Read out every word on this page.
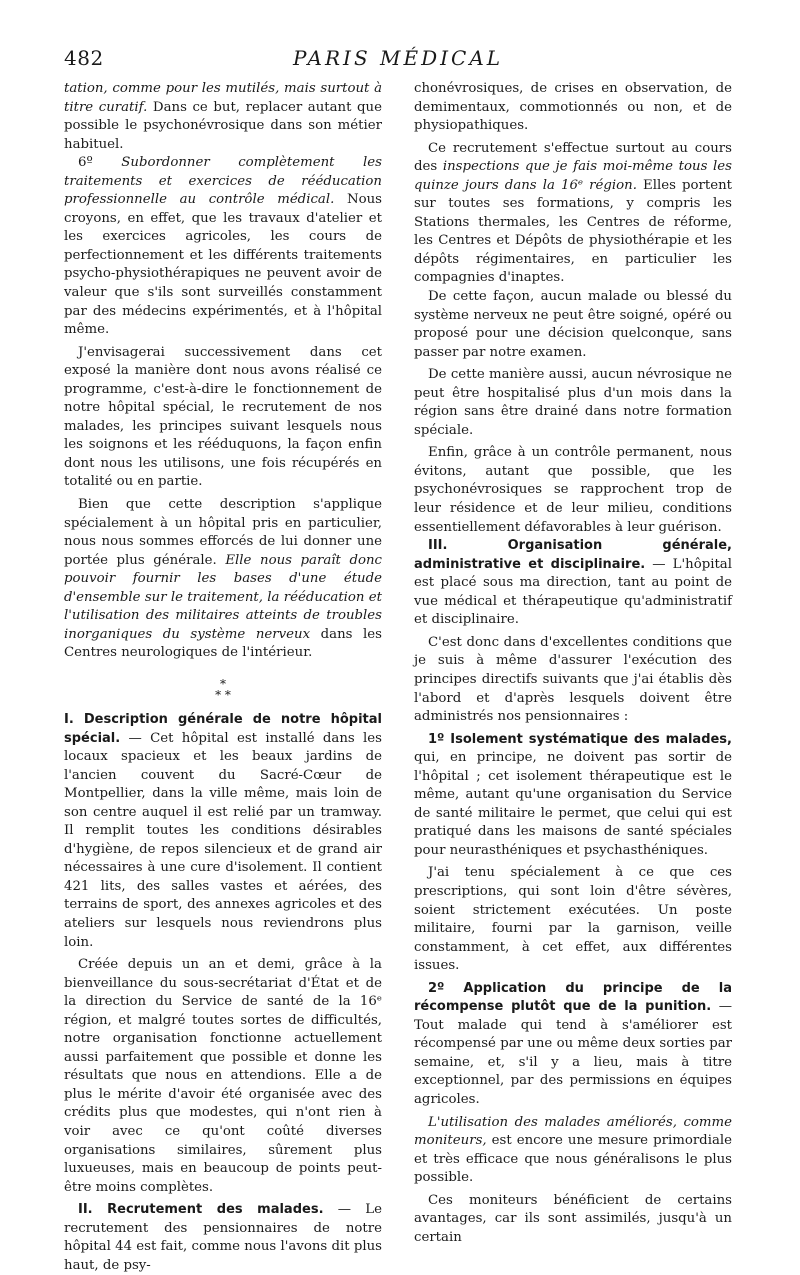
482	PARIS MÉDICAL

tation, comme pour les mutilés, mais surtout à titre curatif. Dans ce but, replacer autant que possible le psychonévrosique dans son métier habituel.

6º Subordonner complètement les traitements et exercices de rééducation professionnelle au contrôle médical. Nous croyons, en effet, que les travaux d'atelier et les exercices agricoles, les cours de perfectionnement et les différents traitements psycho-physiothérapiques ne peuvent avoir de valeur que s'ils sont surveillés constamment par des médecins expérimentés, et à l'hôpital même.

J'envisagerai successivement dans cet exposé la manière dont nous avons réalisé ce programme, c'est-à-dire le fonctionnement de notre hôpital spécial, le recrutement de nos malades, les principes suivant lesquels nous les soignons et les rééduquons, la façon enfin dont nous les utilisons, une fois récupérés en totalité ou en partie.

Bien que cette description s'applique spécialement à un hôpital pris en particulier, nous nous sommes efforcés de lui donner une portée plus générale. Elle nous paraît donc pouvoir fournir les bases d'une étude d'ensemble sur le traitement, la rééducation et l'utilisation des militaires atteints de troubles inorganiques du système nerveux dans les Centres neurologiques de l'intérieur.

*
* *

I. Description générale de notre hôpital spécial. — Cet hôpital est installé dans les locaux spacieux et les beaux jardins de l'ancien couvent du Sacré-Cœur de Montpellier, dans la ville même, mais loin de son centre auquel il est relié par un tramway. Il remplit toutes les conditions désirables d'hygiène, de repos silencieux et de grand air nécessaires à une cure d'isolement. Il contient 421 lits, des salles vastes et aérées, des terrains de sport, des annexes agricoles et des ateliers sur lesquels nous reviendrons plus loin.

Créée depuis un an et demi, grâce à la bienveillance du sous-secrétariat d'État et de la direction du Service de santé de la 16ᵉ région, et malgré toutes sortes de difficultés, notre organisation fonctionne actuellement aussi parfaitement que possible et donne les résultats que nous en attendions. Elle a de plus le mérite d'avoir été organisée avec des crédits plus que modestes, qui n'ont rien à voir avec ce qu'ont coûté diverses organisations similaires, sûrement plus luxueuses, mais en beaucoup de points peut-être moins complètes.

II. Recrutement des malades. — Le recrutement des pensionnaires de notre hôpital 44 est fait, comme nous l'avons dit plus haut, de psy-

chonévrosiques, de crises en observation, de demimentaux, commotionnés ou non, et de physiopathiques.

Ce recrutement s'effectue surtout au cours des inspections que je fais moi-même tous les quinze jours dans la 16ᵉ région. Elles portent sur toutes ses formations, y compris les Stations thermales, les Centres de réforme, les Centres et Dépôts de physiothérapie et les dépôts régimentaires, en particulier les compagnies d'inaptes.

De cette façon, aucun malade ou blessé du système nerveux ne peut être soigné, opéré ou proposé pour une décision quelconque, sans passer par notre examen.

De cette manière aussi, aucun névrosique ne peut être hospitalisé plus d'un mois dans la région sans être drainé dans notre formation spéciale.

Enfin, grâce à un contrôle permanent, nous évitons, autant que possible, que les psychonévrosiques se rapprochent trop de leur résidence et de leur milieu, conditions essentiellement défavorables à leur guérison.

III. Organisation générale, administrative et disciplinaire. — L'hôpital est placé sous ma direction, tant au point de vue médical et thérapeutique qu'administratif et disciplinaire.

C'est donc dans d'excellentes conditions que je suis à même d'assurer l'exécution des principes directifs suivants que j'ai établis dès l'abord et d'après lesquels doivent être administrés nos pensionnaires :

1º Isolement systématique des malades, qui, en principe, ne doivent pas sortir de l'hôpital ; cet isolement thérapeutique est le même, autant qu'une organisation du Service de santé militaire le permet, que celui qui est pratiqué dans les maisons de santé spéciales pour neurasthéniques et psychasthéniques.

J'ai tenu spécialement à ce que ces prescriptions, qui sont loin d'être sévères, soient strictement exécutées. Un poste militaire, fourni par la garnison, veille constamment, à cet effet, aux différentes issues.

2º Application du principe de la récompense plutôt que de la punition. — Tout malade qui tend à s'améliorer est récompensé par une ou même deux sorties par semaine, et, s'il y a lieu, mais à titre exceptionnel, par des permissions en équipes agricoles.

L'utilisation des malades améliorés, comme moniteurs, est encore une mesure primordiale et très efficace que nous généralisons le plus possible.

Ces moniteurs bénéficient de certains avantages, car ils sont assimilés, jusqu'à un certain
